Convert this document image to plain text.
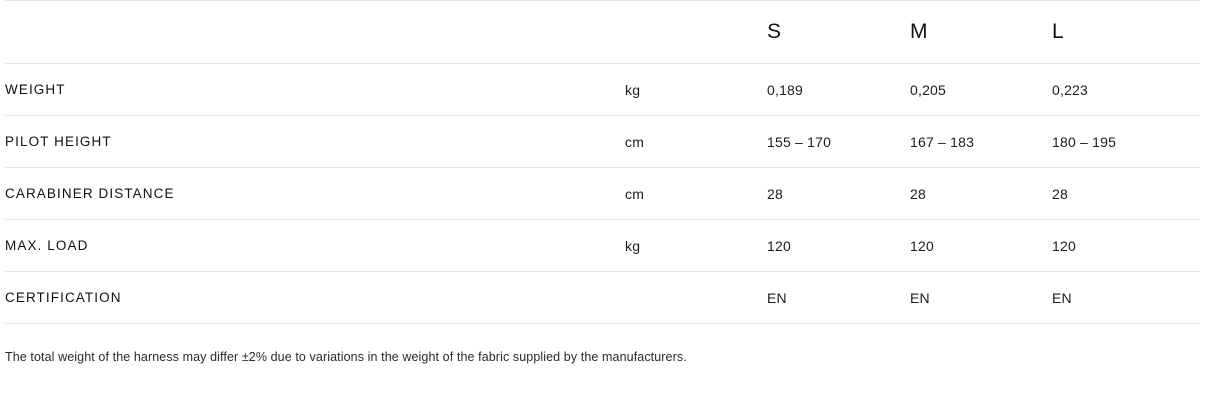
		S	M	L
WEIGHT	kg	0,189	0,205	0,223
PILOT HEIGHT	cm	155 – 170	167 – 183	180 – 195
CARABINER DISTANCE	cm	28	28	28
MAX. LOAD	kg	120	120	120
CERTIFICATION		EN	EN	EN

The total weight of the harness may differ ±2% due to variations in the weight of the fabric supplied by the manufacturers.
